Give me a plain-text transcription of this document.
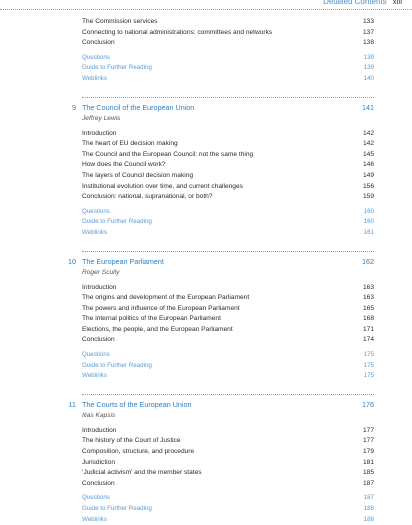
Detailed Contents xiii
The Commission services	133
Connecting to national administrations: committees and networks	137
Conclusion	138
Questions	139
Guide to Further Reading	139
Weblinks	140
9 The Council of the European Union	141
Jeffrey Lewis
Introduction	142
The heart of EU decision making	142
The Council and the European Council: not the same thing	145
How does the Council work?	146
The layers of Council decision making	149
Institutional evolution over time, and current challenges	156
Conclusion: national, supranational, or both?	159
Questions	160
Guide to Further Reading	160
Weblinks	161
10 The European Parliament	162
Roger Scully
Introduction	163
The origins and development of the European Parliament	163
The powers and influence of the European Parliament	165
The internal politics of the European Parliament	168
Elections, the people, and the European Parliament	171
Conclusion	174
Questions	175
Guide to Further Reading	175
Weblinks	175
11 The Courts of the European Union	176
Ilias Kapsis
Introduction	177
The history of the Court of Justice	177
Composition, structure, and procedure	179
Jurisdiction	181
‘Judicial activism’ and the member states	185
Conclusion	187
Questions	187
Guide to Further Reading	188
Weblinks	188
